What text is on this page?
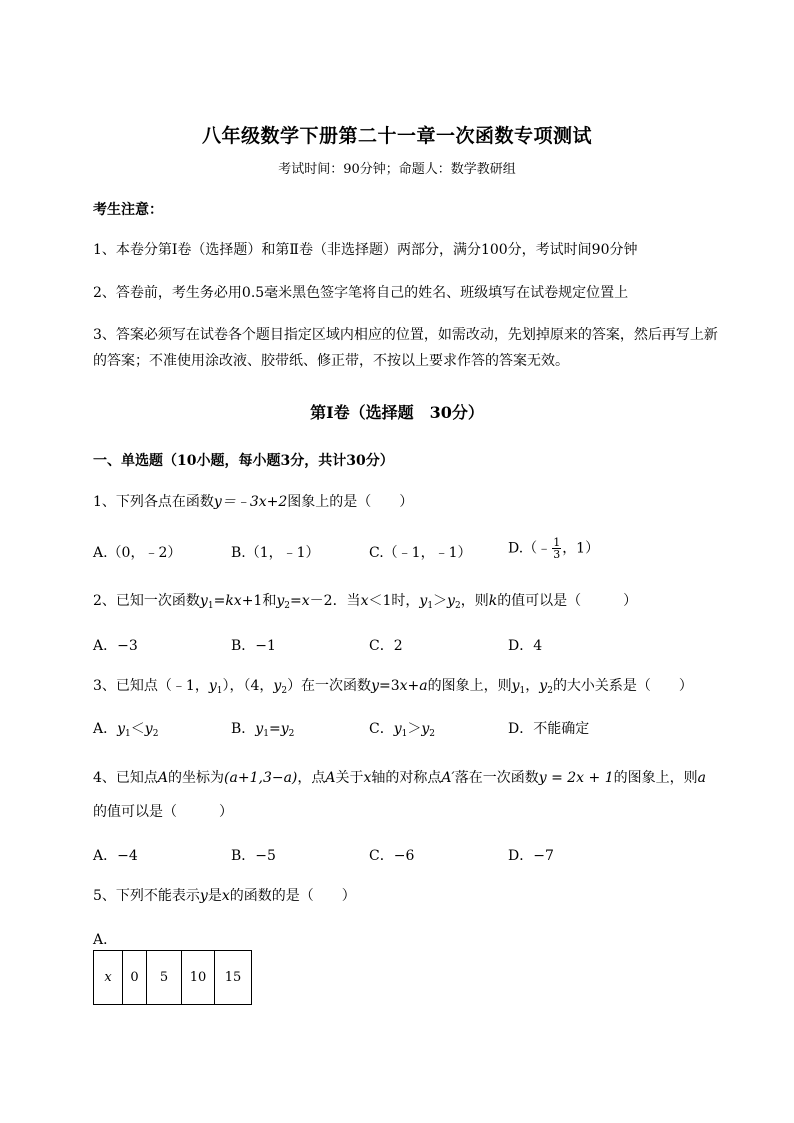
八年级数学下册第二十一章一次函数专项测试
考试时间：90分钟；命题人：数学教研组
考生注意：
1、本卷分第I卷（选择题）和第Ⅱ卷（非选择题）两部分，满分100分，考试时间90分钟
2、答卷前，考生务必用0.5毫米黑色签字笔将自己的姓名、班级填写在试卷规定位置上
3、答案必须写在试卷各个题目指定区域内相应的位置，如需改动，先划掉原来的答案，然后再写上新
的答案；不准使用涂改液、胶带纸、修正带，不按以上要求作答的答案无效。
第I卷（选择题　30分）
一、单选题（10小题，每小题3分，共计30分）
1、下列各点在函数y＝﹣3x+2图象上的是（　　）
A.（0，﹣2）	B.（1，﹣1）	C.（﹣1，﹣1）	D.（﹣ $\frac{1}{3}$ ，1）
2、已知一次函数$y_1=kx+1$和$y_2=x-2$．当x＜1时，$y_1>y_2$，则k的值可以是（　　　）
A．−3	B．−1	C．2	D．4
3、已知点（﹣1，$y_1$），（4，$y_2$）在一次函数y=3x+a的图象上，则$y_1$，$y_2$的大小关系是（　　）
A．$y_1<y_2$	B．$y_1=y_2$	C．$y_1>y_2$	D．不能确定
4、已知点A的坐标为(a+1,3−a)，点A关于x轴的对称点A′落在一次函数y = 2x + 1的图象上，则a
的值可以是（　　　）
A．−4	B．−5	C．−6	D．−7
5、下列不能表示y是x的函数的是（　　）
A．
x	0	5	10	15
